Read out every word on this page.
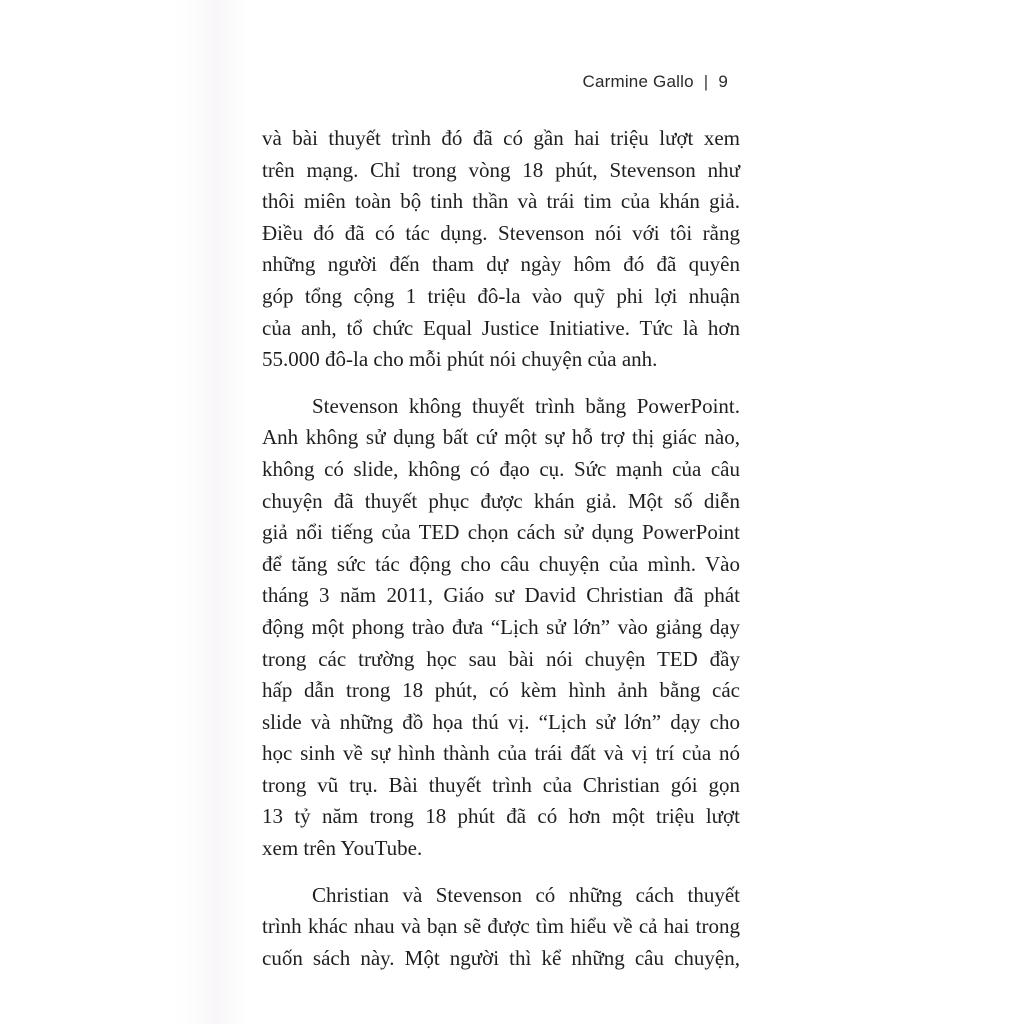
Carmine Gallo | 9
và bài thuyết trình đó đã có gần hai triệu lượt xem
trên mạng. Chỉ trong vòng 18 phút, Stevenson như
thôi miên toàn bộ tinh thần và trái tim của khán giả.
Điều đó đã có tác dụng. Stevenson nói với tôi rằng
những người đến tham dự ngày hôm đó đã quyên
góp tổng cộng 1 triệu đô-la vào quỹ phi lợi nhuận
của anh, tổ chức Equal Justice Initiative. Tức là hơn
55.000 đô-la cho mỗi phút nói chuyện của anh.
Stevenson không thuyết trình bằng PowerPoint.
Anh không sử dụng bất cứ một sự hỗ trợ thị giác nào,
không có slide, không có đạo cụ. Sức mạnh của câu
chuyện đã thuyết phục được khán giả. Một số diễn
giả nổi tiếng của TED chọn cách sử dụng PowerPoint
để tăng sức tác động cho câu chuyện của mình. Vào
tháng 3 năm 2011, Giáo sư David Christian đã phát
động một phong trào đưa “Lịch sử lớn” vào giảng dạy
trong các trường học sau bài nói chuyện TED đầy
hấp dẫn trong 18 phút, có kèm hình ảnh bằng các
slide và những đồ họa thú vị. “Lịch sử lớn” dạy cho
học sinh về sự hình thành của trái đất và vị trí của nó
trong vũ trụ. Bài thuyết trình của Christian gói gọn
13 tỷ năm trong 18 phút đã có hơn một triệu lượt
xem trên YouTube.
Christian và Stevenson có những cách thuyết
trình khác nhau và bạn sẽ được tìm hiểu về cả hai trong
cuốn sách này. Một người thì kể những câu chuyện,
